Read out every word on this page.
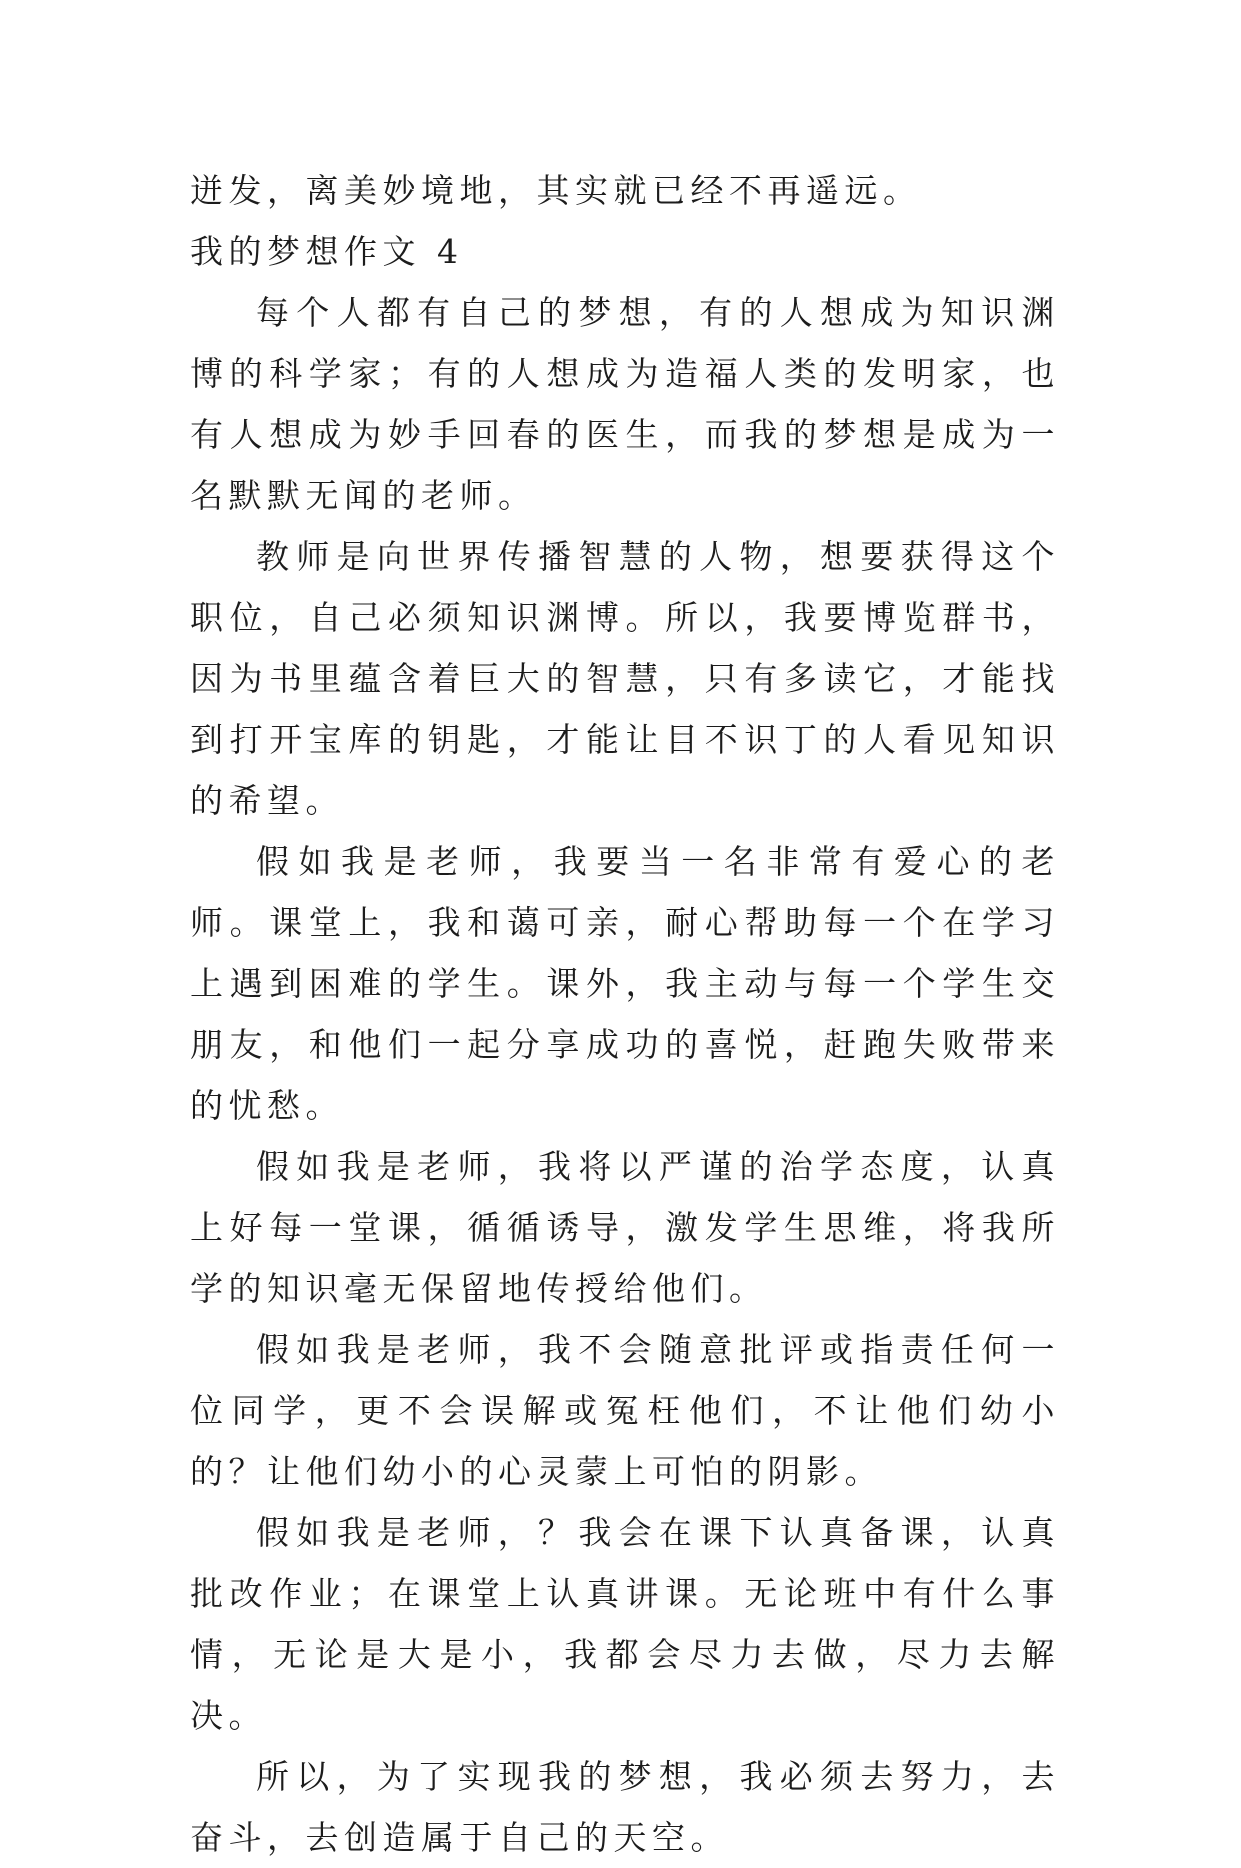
迸发，离美妙境地，其实就已经不再遥远。

我的梦想作文 4

每个人都有自己的梦想，有的人想成为知识渊博的科学家；有的人想成为造福人类的发明家，也有人想成为妙手回春的医生，而我的梦想是成为一名默默无闻的老师。

教师是向世界传播智慧的人物，想要获得这个职位，自己必须知识渊博。所以，我要博览群书，因为书里蕴含着巨大的智慧，只有多读它，才能找到打开宝库的钥匙，才能让目不识丁的人看见知识的希望。

假如我是老师，我要当一名非常有爱心的老师。课堂上，我和蔼可亲，耐心帮助每一个在学习上遇到困难的学生。课外，我主动与每一个学生交朋友，和他们一起分享成功的喜悦，赶跑失败带来的忧愁。

假如我是老师，我将以严谨的治学态度，认真上好每一堂课，循循诱导，激发学生思维，将我所学的知识毫无保留地传授给他们。

假如我是老师，我不会随意批评或指责任何一位同学，更不会误解或冤枉他们，不让他们幼小的？让他们幼小的心灵蒙上可怕的阴影。

假如我是老师，？我会在课下认真备课，认真批改作业；在课堂上认真讲课。无论班中有什么事情，无论是大是小，我都会尽力去做，尽力去解决。

所以，为了实现我的梦想，我必须去努力，去奋斗，去创造属于自己的天空。
